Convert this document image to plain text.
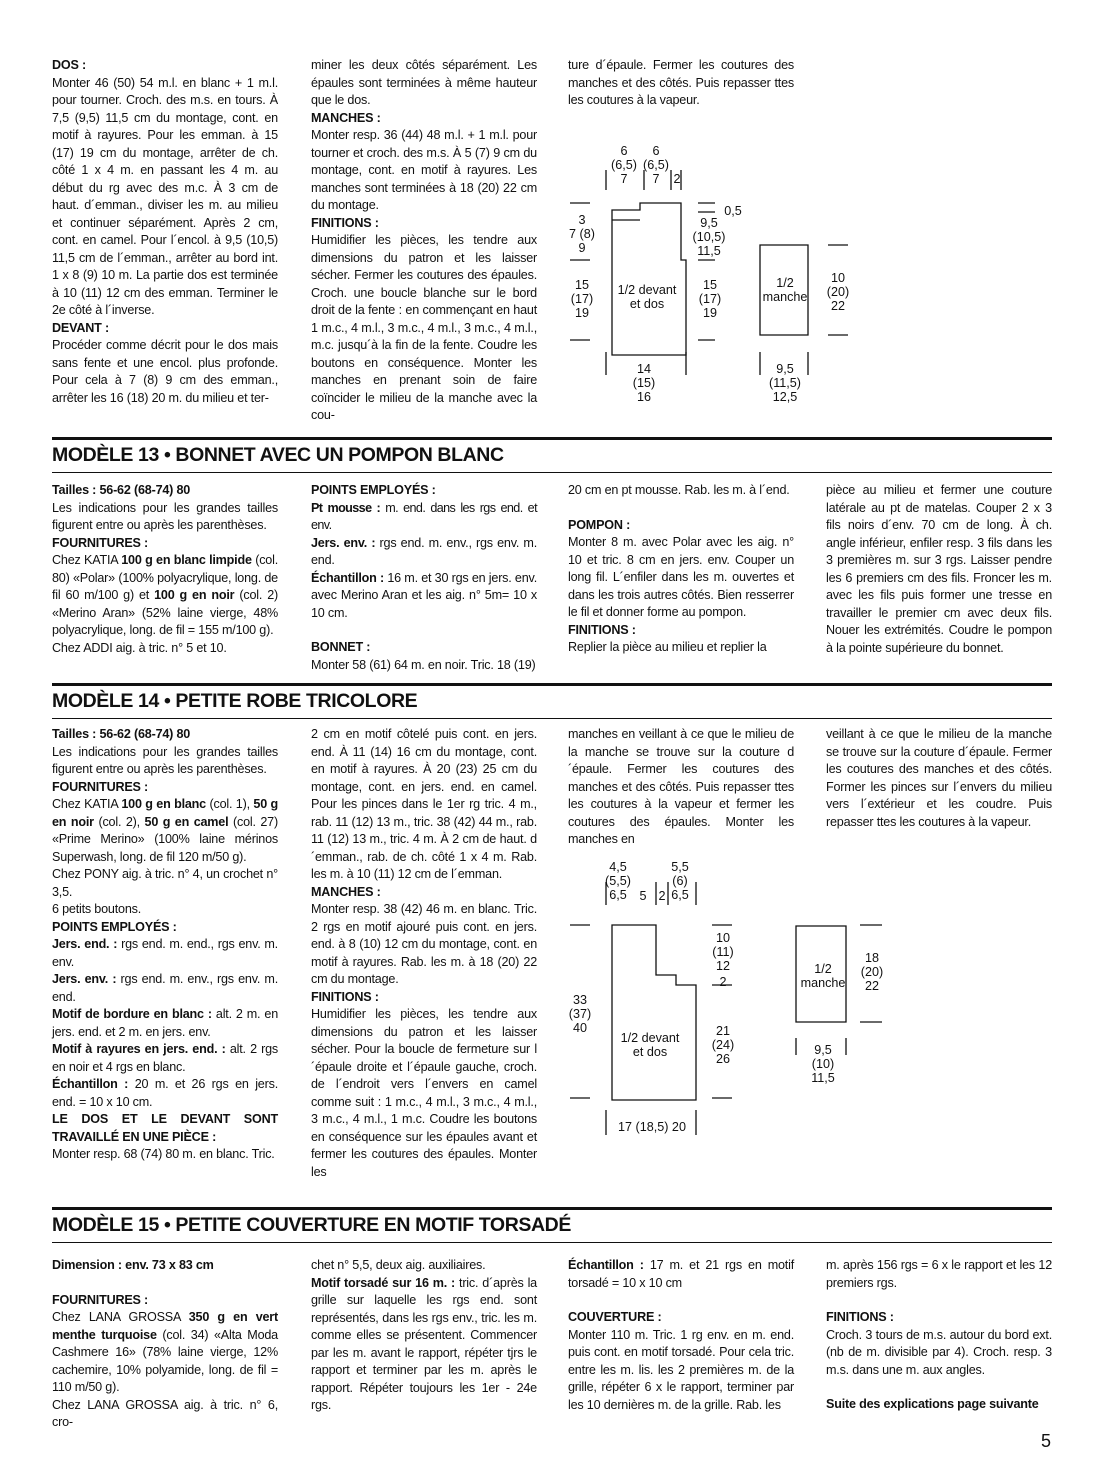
DOS :

Monter 46 (50) 54 m.l. en blanc + 1 m.l. pour tourner. Croch. des m.s. en tours. À 7,5 (9,5) 11,5 cm du montage, cont. en motif à rayures. Pour les emman. à 15 (17) 19 cm du montage, arrêter de ch. côté 1 x 4 m. en passant les 4 m. au début du rg avec des m.c. À 3 cm de haut. d´emman., diviser les m. au milieu et continuer séparément. Après 2 cm, cont. en camel. Pour l´encol. à 9,5 (10,5) 11,5 cm de l´emman., arrêter au bord int. 1 x 8 (9) 10 m. La partie dos est terminée à 10 (11) 12 cm des emman. Terminer le 2e côté à l´inverse.

DEVANT :

Procéder comme décrit pour le dos mais sans fente et une encol. plus profonde. Pour cela à 7 (8) 9 cm des emman., arrêter les 16 (18) 20 m. du milieu et ter-

miner les deux côtés séparément. Les épaules sont terminées à même hauteur que le dos.

MANCHES :

Monter resp. 36 (44) 48 m.l. + 1 m.l. pour tourner et croch. des m.s. À 5 (7) 9 cm du montage, cont. en motif à rayures. Les manches sont terminées à 18 (20) 22 cm du montage.

FINITIONS :

Humidifier les pièces, les tendre aux dimensions du patron et les laisser sécher. Fermer les coutures des épaules. Croch. une boucle blanche sur le bord droit de la fente : en commençant en haut 1 m.c., 4 m.l., 3 m.c., 4 m.l., 3 m.c., 4 m.l., m.c. jusqu´à la fin de la fente. Coudre les boutons en conséquence. Monter les manches en prenant soin de faire coïncider le milieu de la manche avec la cou-

ture d´épaule. Fermer les coutures des manches et des côtés. Puis repasser ttes les coutures à la vapeur.

6
(6,5)
7
6
(6,5)
7	2
3
7 (8)
9
15
(17)
19
1/2 devant
et dos
0,5
9,5
(10,5)
11,5
15
(17)
19
14
(15)
16
1/2
manche
10
(20)
22
9,5
(11,5)
12,5
MODÈLE 13 • BONNET AVEC UN POMPON BLANC

Tailles : 56-62 (68-74) 80

Les indications pour les grandes tailles figurent entre ou après les parenthèses.

FOURNITURES :

Chez KATIA 100 g en blanc limpide (col. 80) «Polar» (100% polyacrylique, long. de fil 60 m/100 g) et 100 g en noir (col. 2) «Merino Aran» (52% laine vierge, 48% polyacrylique, long. de fil = 155 m/100 g).

Chez ADDI aig. à tric. n° 5 et 10.

POINTS EMPLOYÉS :

Pt mousse : m. end. dans les rgs end. et env.

Jers. env. : rgs end. m. env., rgs env. m. end.

Échantillon : 16 m. et 30 rgs en jers. env. avec Merino Aran et les aig. n° 5m= 10 x 10 cm.

BONNET :

Monter 58 (61) 64 m. en noir. Tric. 18 (19)

20 cm en pt mousse. Rab. les m. à l´end.

POMPON :

Monter 8 m. avec Polar avec les aig. n° 10 et tric. 8 cm en jers. env. Couper un long fil. L´enfiler dans les m. ouvertes et dans les trois autres côtés. Bien resserrer le fil et donner forme au pompon.

FINITIONS :

Replier la pièce au milieu et replier la

pièce au milieu et fermer une couture latérale au pt de matelas. Couper 2 x 3 fils noirs d´env. 70 cm de long. À ch. angle inférieur, enfiler resp. 3 fils dans les 3 premières m. sur 3 rgs. Laisser pendre les 6 premiers cm des fils. Froncer les m. avec les fils puis former une tresse en travailler le premier cm avec deux fils. Nouer les extrémités. Coudre le pompon à la pointe supérieure du bonnet.

MODÈLE 14 • PETITE ROBE TRICOLORE

Tailles : 56-62 (68-74) 80

Les indications pour les grandes tailles figurent entre ou après les parenthèses.

FOURNITURES :

Chez KATIA 100 g en blanc (col. 1), 50 g en noir (col. 2), 50 g en camel (col. 27) «Prime Merino» (100% laine mérinos Superwash, long. de fil 120 m/50 g).

Chez PONY aig. à tric. n° 4, un crochet n° 3,5.

6 petits boutons.

POINTS EMPLOYÉS :

Jers. end. : rgs end. m. end., rgs env. m. env.

Jers. env. : rgs end. m. env., rgs env. m. end.

Motif de bordure en blanc : alt. 2 m. en jers. end. et 2 m. en jers. env.

Motif à rayures en jers. end. : alt. 2 rgs en noir et 4 rgs en blanc.

Échantillon : 20 m. et 26 rgs en jers. end. = 10 x 10 cm.

LE DOS ET LE DEVANT SONT TRAVAILLÉ EN UNE PIÈCE :

Monter resp. 68 (74) 80 m. en blanc. Tric.

2 cm en motif côtelé puis cont. en jers. end. À 11 (14) 16 cm du montage, cont. en motif à rayures. À 20 (23) 25 cm du montage, cont. en jers. end. en camel. Pour les pinces dans le 1er rg tric. 4 m., rab. 11 (12) 13 m., tric. 38 (42) 44 m., rab. 11 (12) 13 m., tric. 4 m. À 2 cm de haut. d´emman., rab. de ch. côté 1 x 4 m. Rab. les m. à 10 (11) 12 cm de l´emman.

MANCHES :

Monter resp. 38 (42) 46 m. en blanc. Tric. 2 rgs en motif ajouré puis cont. en jers. end. à 8 (10) 12 cm du montage, cont. en motif à rayures. Rab. les m. à 18 (20) 22 cm du montage.

FINITIONS :

Humidifier les pièces, les tendre aux dimensions du patron et les laisser sécher. Pour la boucle de fermeture sur l´épaule droite et l´épaule gauche, croch. de l´endroit vers l´envers en camel comme suit : 1 m.c., 4 m.l., 3 m.c., 4 m.l., 3 m.c., 4 m.l., 1 m.c. Coudre les boutons en conséquence sur les épaules avant et fermer les coutures des épaules. Monter les

manches en veillant à ce que le milieu de la manche se trouve sur la couture d´épaule. Fermer les coutures des manches et des côtés. Puis repasser ttes les coutures à la vapeur et fermer les coutures des épaules. Monter les manches en

veillant à ce que le milieu de la manche se trouve sur la couture d´épaule. Fermer les coutures des manches et des côtés. Former les pinces sur l´envers du milieu vers l´extérieur et les coudre. Puis repasser ttes les coutures à la vapeur.

4,5
(5,5)
6,5	5 2
5,5
(6)
6,5
33
(37)
40
1/2 devant
et dos
10
(11)
12
2
21
(24)
26
17 (18,5) 20
1/2
manche
18
(20)
22
9,5
(10)
11,5
MODÈLE 15 • PETITE COUVERTURE EN MOTIF TORSADÉ

Dimension : env. 73 x 83 cm

FOURNITURES :

Chez LANA GROSSA 350 g en vert menthe turquoise (col. 34) «Alta Moda Cashmere 16» (78% laine vierge, 12% cachemire, 10% polyamide, long. de fil = 110 m/50 g).

Chez LANA GROSSA aig. à tric. n° 6, cro-

chet n° 5,5, deux aig. auxiliaires.

Motif torsadé sur 16 m. : tric. d´après la grille sur laquelle les rgs end. sont représentés, dans les rgs env., tric. les m. comme elles se présentent. Commencer par les m. avant le rapport, répéter tjrs le rapport et terminer par les m. après le rapport. Répéter toujours les 1er - 24e rgs.

Échantillon : 17 m. et 21 rgs en motif torsadé = 10 x 10 cm

COUVERTURE :

Monter 110 m. Tric. 1 rg env. en m. end. puis cont. en motif torsadé. Pour cela tric. entre les m. lis. les 2 premières m. de la grille, répéter 6 x le rapport, terminer par les 10 dernières m. de la grille. Rab. les

m. après 156 rgs = 6 x le rapport et les 12 premiers rgs.

FINITIONS :

Croch. 3 tours de m.s. autour du bord ext. (nb de m. divisible par 4). Croch. resp. 3 m.s. dans une m. aux angles.

Suite des explications page suivante

5
